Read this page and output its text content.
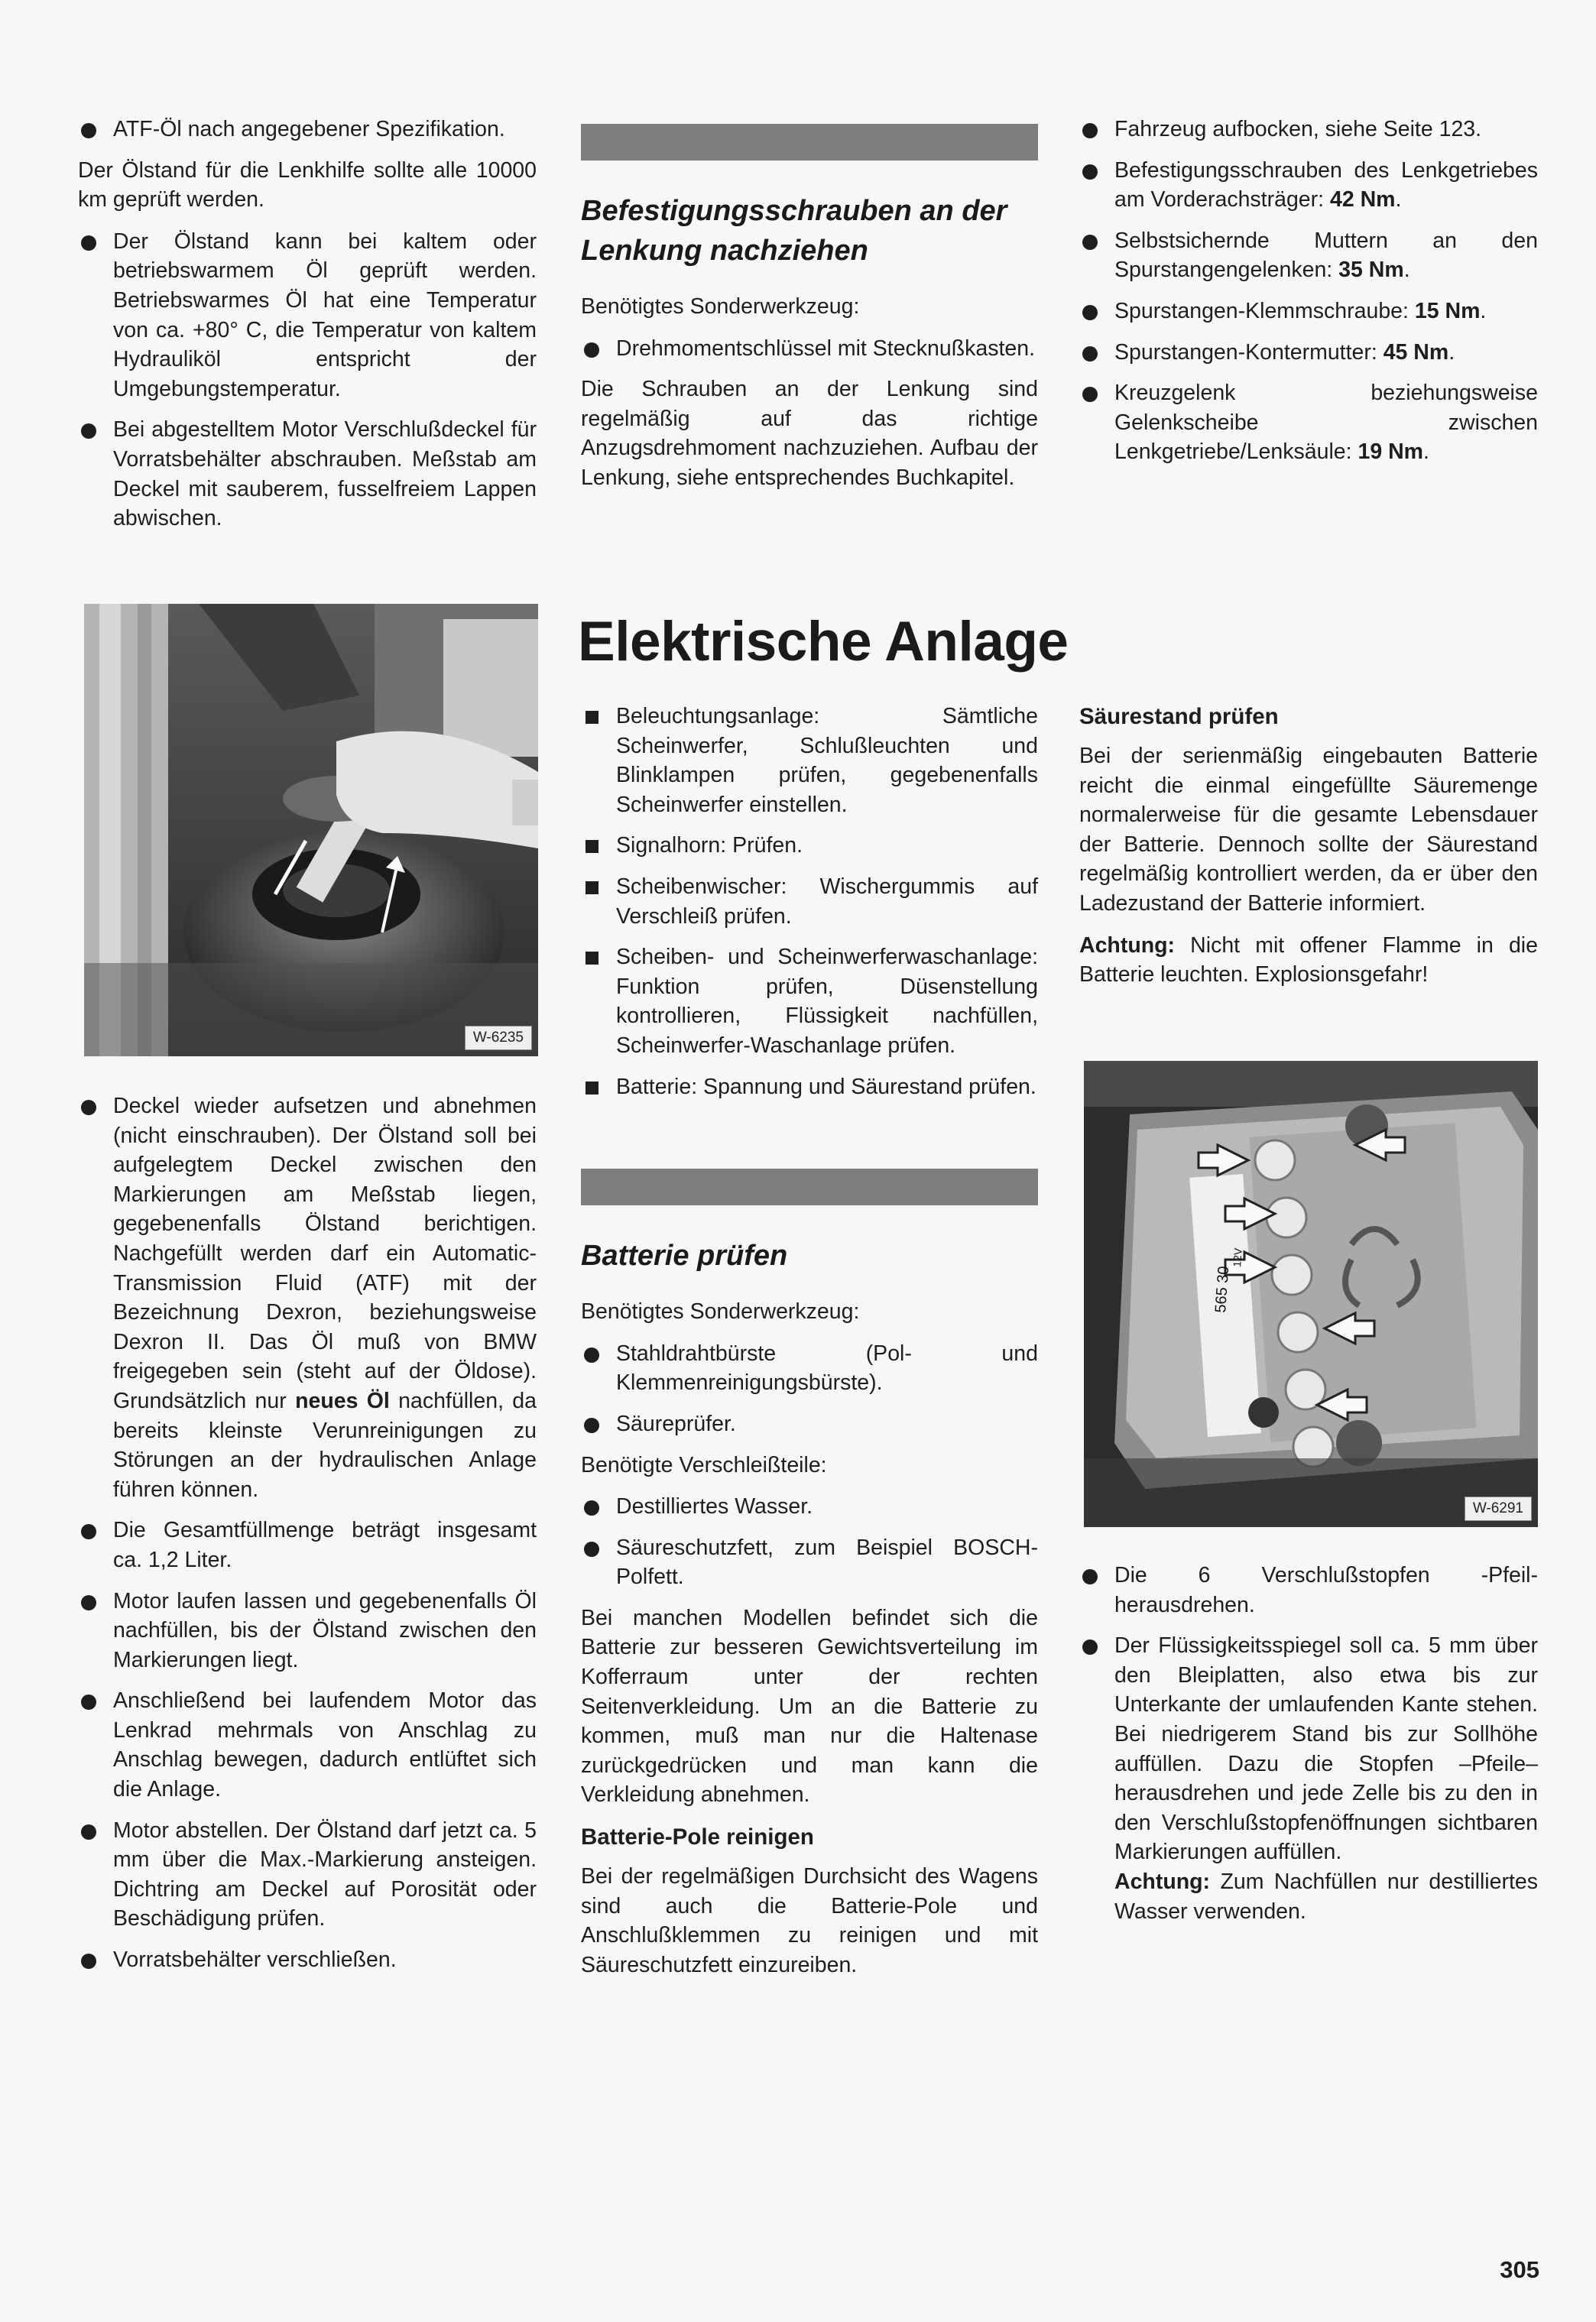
ATF-Öl nach angegebener Spezifikation.

Der Ölstand für die Lenkhilfe sollte alle 10000 km geprüft werden.

Der Ölstand kann bei kaltem oder betriebswarmem Öl geprüft werden. Betriebswarmes Öl hat eine Temperatur von ca. +80° C, die Temperatur von kaltem Hydrauliköl entspricht der Umgebungstemperatur.
Bei abgestelltem Motor Verschlußdeckel für Vorratsbehälter abschrauben. Meßstab am Deckel mit sauberem, fusselfreiem Lappen abwischen.
W-6235
Deckel wieder aufsetzen und abnehmen (nicht einschrauben). Der Ölstand soll bei aufgelegtem Deckel zwischen den Markierungen am Meßstab liegen, gegebenenfalls Ölstand berichtigen. Nachgefüllt werden darf ein Automatic-Transmission Fluid (ATF) mit der Bezeichnung Dexron, beziehungsweise Dexron II. Das Öl muß von BMW freigegeben sein (steht auf der Öldose). Grundsätzlich nur neues Öl nachfüllen, da bereits kleinste Verunreinigungen zu Störungen an der hydraulischen Anlage führen können.
Die Gesamtfüllmenge beträgt insgesamt ca. 1,2 Liter.
Motor laufen lassen und gegebenenfalls Öl nachfüllen, bis der Ölstand zwischen den Markierungen liegt.
Anschließend bei laufendem Motor das Lenkrad mehrmals von Anschlag zu Anschlag bewegen, dadurch entlüftet sich die Anlage.
Motor abstellen. Der Ölstand darf jetzt ca. 5 mm über die Max.-Markierung ansteigen. Dichtring am Deckel auf Porosität oder Beschädigung prüfen.
Vorratsbehälter verschließen.
Befestigungsschrauben an der Lenkung nachziehen

Benötigtes Sonderwerkzeug:

Drehmomentschlüssel mit Stecknußkasten.

Die Schrauben an der Lenkung sind regelmäßig auf das richtige Anzugsdrehmoment nachzuziehen. Aufbau der Lenkung, siehe entsprechendes Buchkapitel.

Fahrzeug aufbocken, siehe Seite 123.
Befestigungsschrauben des Lenkgetriebes am Vorderachsträger: 42 Nm.
Selbstsichernde Muttern an den Spurstangengelenken: 35 Nm.
Spurstangen-Klemmschraube: 15 Nm.
Spurstangen-Kontermutter: 45 Nm.
Kreuzgelenk beziehungsweise Gelenkscheibe zwischen Lenkgetriebe/Lenksäule: 19 Nm.
Elektrische Anlage
Beleuchtungsanlage: Sämtliche Scheinwerfer, Schlußleuchten und Blinklampen prüfen, gegebenenfalls Scheinwerfer einstellen.
Signalhorn: Prüfen.
Scheibenwischer: Wischergummis auf Verschleiß prüfen.
Scheiben- und Scheinwerferwaschanlage: Funktion prüfen, Düsenstellung kontrollieren, Flüssigkeit nachfüllen, Scheinwerfer-Waschanlage prüfen.
Batterie: Spannung und Säurestand prüfen.
Batterie prüfen

Benötigtes Sonderwerkzeug:

Stahldrahtbürste (Pol- und Klemmenreinigungsbürste).
Säureprüfer.

Benötigte Verschleißteile:

Destilliertes Wasser.
Säureschutzfett, zum Beispiel BOSCH-Polfett.

Bei manchen Modellen befindet sich die Batterie zur besseren Gewichtsverteilung im Kofferraum unter der rechten Seitenverkleidung. Um an die Batterie zu kommen, muß man nur die Haltenase zurückgedrücken und man kann die Verkleidung abnehmen.

Batterie-Pole reinigen

Bei der regelmäßigen Durchsicht des Wagens sind auch die Batterie-Pole und Anschlußklemmen zu reinigen und mit Säureschutzfett einzureiben.

Säurestand prüfen

Bei der serienmäßig eingebauten Batterie reicht die einmal eingefüllte Säuremenge normalerweise für die gesamte Lebensdauer der Batterie. Dennoch sollte der Säurestand regelmäßig kontrolliert werden, da er über den Ladezustand der Batterie informiert.

Achtung: Nicht mit offener Flamme in die Batterie leuchten. Explosionsgefahr!

565 30
12V
W-6291
Die 6 Verschlußstopfen -Pfeil- herausdrehen.
Der Flüssigkeitsspiegel soll ca. 5 mm über den Bleiplatten, also etwa bis zur Unterkante der umlaufenden Kante stehen. Bei niedrigerem Stand bis zur Sollhöhe auffüllen. Dazu die Stopfen –Pfeile– herausdrehen und jede Zelle bis zu den in den Verschlußstopfenöffnungen sichtbaren Markierungen auffüllen.
Achtung: Zum Nachfüllen nur destilliertes Wasser verwenden.
305
